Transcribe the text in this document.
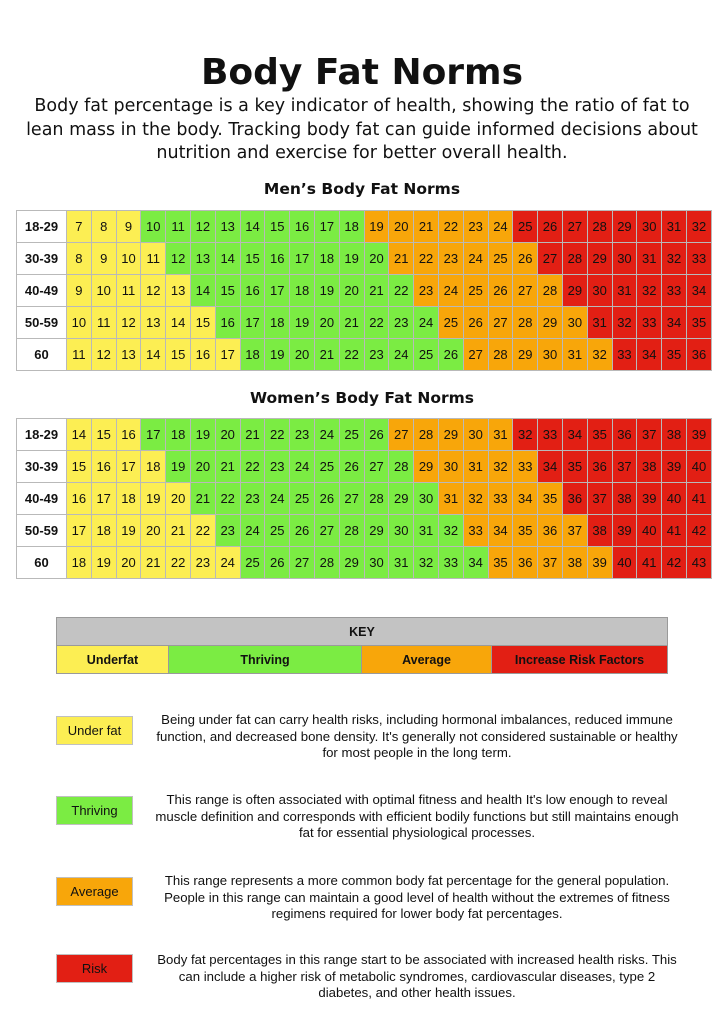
Body Fat Norms
Body fat percentage is a key indicator of health, showing the ratio of fat to lean mass in the body. Tracking body fat can guide informed decisions about nutrition and exercise for better overall health.
Men’s Body Fat Norms
18-29	7	8	9	10	11	12	13	14	15	16	17	18	19	20	21	22	23	24	25	26	27	28	29	30	31	32
30-39	8	9	10	11	12	13	14	15	16	17	18	19	20	21	22	23	24	25	26	27	28	29	30	31	32	33
40-49	9	10	11	12	13	14	15	16	17	18	19	20	21	22	23	24	25	26	27	28	29	30	31	32	33	34
50-59	10	11	12	13	14	15	16	17	18	19	20	21	22	23	24	25	26	27	28	29	30	31	32	33	34	35
60	11	12	13	14	15	16	17	18	19	20	21	22	23	24	25	26	27	28	29	30	31	32	33	34	35	36
Women’s Body Fat Norms
18-29	14	15	16	17	18	19	20	21	22	23	24	25	26	27	28	29	30	31	32	33	34	35	36	37	38	39
30-39	15	16	17	18	19	20	21	22	23	24	25	26	27	28	29	30	31	32	33	34	35	36	37	38	39	40
40-49	16	17	18	19	20	21	22	23	24	25	26	27	28	29	30	31	32	33	34	35	36	37	38	39	40	41
50-59	17	18	19	20	21	22	23	24	25	26	27	28	29	30	31	32	33	34	35	36	37	38	39	40	41	42
60	18	19	20	21	22	23	24	25	26	27	28	29	30	31	32	33	34	35	36	37	38	39	40	41	42	43
KEY
Underfat	Thriving	Average	Increase Risk Factors
Under fat
Being under fat can carry health risks, including hormonal imbalances, reduced immune function, and decreased bone density. It's generally not considered sustainable or healthy for most people in the long term.
Thriving
This range is often associated with optimal fitness and health It's low enough to reveal muscle definition and corresponds with efficient bodily functions but still maintains enough fat for essential physiological processes.
Average
This range represents a more common body fat percentage for the general population. People in this range can maintain a good level of health without the extremes of fitness regimens required for lower body fat percentages.
Risk
Body fat percentages in this range start to be associated with increased health risks. This can include a higher risk of metabolic syndromes, cardiovascular diseases, type 2 diabetes, and other health issues.
